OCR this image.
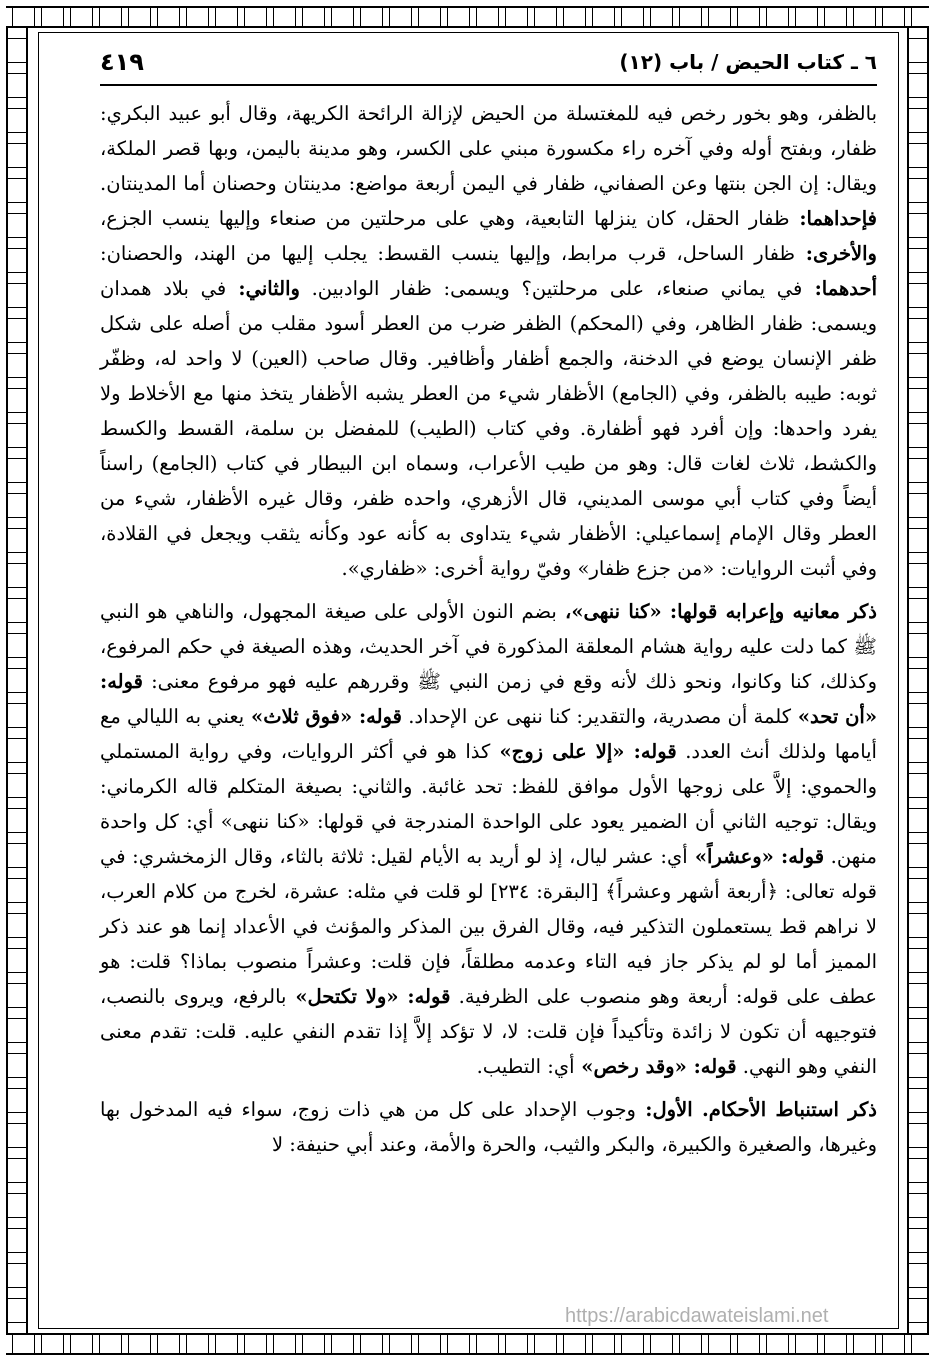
٦ ـ كتاب الحيض / باب (١٢)
٤١٩

بالظفر، وهو بخور رخص فيه للمغتسلة من الحيض لإزالة الرائحة الكريهة، وقال أبو عبيد البكري: ظفار، وبفتح أوله وفي آخره راء مكسورة مبني على الكسر، وهو مدينة باليمن، وبها قصر الملكة، ويقال: إن الجن بنتها وعن الصفاني، ظفار في اليمن أربعة مواضع: مدينتان وحصنان أما المدينتان. فإحداهما: ظفار الحقل، كان ينزلها التابعية، وهي على مرحلتين من صنعاء وإليها ينسب الجزع، والأخرى: ظفار الساحل، قرب مرابط، وإليها ينسب القسط: يجلب إليها من الهند، والحصنان: أحدهما: في يماني صنعاء، على مرحلتين؟ ويسمى: ظفار الوادبين. والثاني: في بلاد همدان ويسمى: ظفار الظاهر، وفي (المحكم) الظفر ضرب من العطر أسود مقلب من أصله على شكل ظفر الإنسان يوضع في الدخنة، والجمع أظفار وأظافير. وقال صاحب (العين) لا واحد له، وظفّر ثوبه: طيبه بالظفر، وفي (الجامع) الأظفار شيء من العطر يشبه الأظفار يتخذ منها مع الأخلاط ولا يفرد واحدها: وإن أفرد فهو أظفارة. وفي كتاب (الطيب) للمفضل بن سلمة، القسط والكسط والكشط، ثلاث لغات قال: وهو من طيب الأعراب، وسماه ابن البيطار في كتاب (الجامع) راسناً أيضاً وفي كتاب أبي موسى المديني، قال الأزهري، واحده ظفر، وقال غيره الأظفار، شيء من العطر وقال الإمام إسماعيلي: الأظفار شيء يتداوى به كأنه عود وكأنه يثقب ويجعل في القلادة، وفي أثبت الروايات: «من جزع ظفار» وفيّ رواية أخرى: «ظفاري».

ذكر معانيه وإعرابه قولها: «كنا ننهى»، بضم النون الأولى على صيغة المجهول، والناهي هو النبي ﷺ كما دلت عليه رواية هشام المعلقة المذكورة في آخر الحديث، وهذه الصيغة في حكم المرفوع، وكذلك، كنا وكانوا، ونحو ذلك لأنه وقع في زمن النبي ﷺ وقررهم عليه فهو مرفوع معنى: قوله: «أن تحد» كلمة أن مصدرية، والتقدير: كنا ننهى عن الإحداد. قوله: «فوق ثلاث» يعني به الليالي مع أيامها ولذلك أنث العدد. قوله: «إلا على زوج» كذا هو في أكثر الروايات، وفي رواية المستملي والحموي: إلاَّ على زوجها الأول موافق للفظ: تحد غائبة. والثاني: بصيغة المتكلم قاله الكرماني: ويقال: توجيه الثاني أن الضمير يعود على الواحدة المندرجة في قولها: «كنا ننهى» أي: كل واحدة منهن. قوله: «وعشراً» أي: عشر ليال، إذ لو أريد به الأيام لقيل: ثلاثة بالثاء، وقال الزمخشري: في قوله تعالى: ﴿أربعة أشهر وعشراً﴾ [البقرة: ٢٣٤] لو قلت في مثله: عشرة، لخرج من كلام العرب، لا نراهم قط يستعملون التذكير فيه، وقال الفرق بين المذكر والمؤنث في الأعداد إنما هو عند ذكر المميز أما لو لم يذكر جاز فيه التاء وعدمه مطلقاً، فإن قلت: وعشراً منصوب بماذا؟ قلت: هو عطف على قوله: أربعة وهو منصوب على الظرفية. قوله: «ولا تكتحل» بالرفع، ويروى بالنصب، فتوجيهه أن تكون لا زائدة وتأكيداً فإن قلت: لا، لا تؤكد إلاَّ إذا تقدم النفي عليه. قلت: تقدم معنى النفي وهو النهي. قوله: «وقد رخص» أي: التطيب.

ذكر استنباط الأحكام. الأول: وجوب الإحداد على كل من هي ذات زوج، سواء فيه المدخول بها وغيرها، والصغيرة والكبيرة، والبكر والثيب، والحرة والأمة، وعند أبي حنيفة: لا

https://arabicdawateislami.net
